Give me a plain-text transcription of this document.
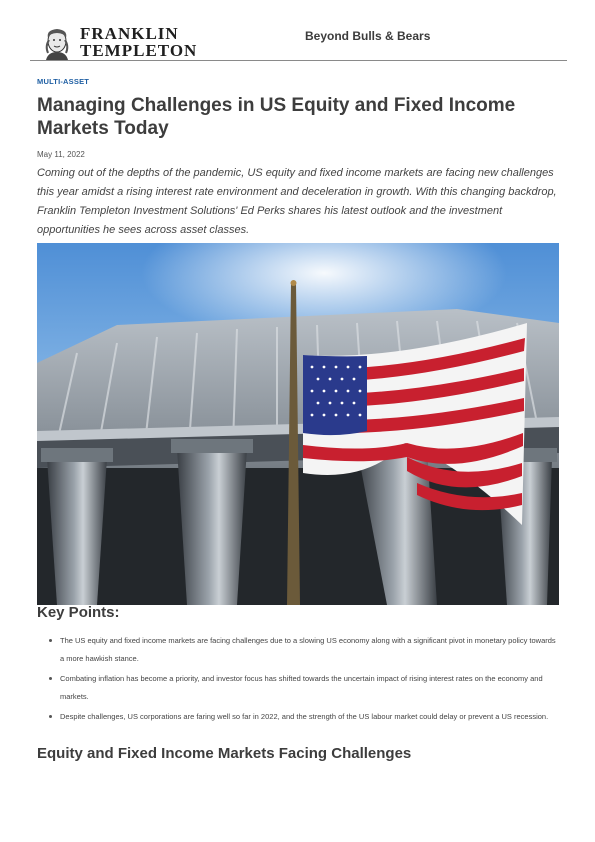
FRANKLIN
TEMPLETON
Beyond Bulls & Bears
MULTI-ASSET
Managing Challenges in US Equity and Fixed Income Markets Today
May 11, 2022

Coming out of the depths of the pandemic, US equity and fixed income markets are facing new challenges this year amidst a rising interest rate environment and deceleration in growth. With this changing backdrop, Franklin Templeton Investment Solutions' Ed Perks shares his latest outlook and the investment opportunities he sees across asset classes.

Key Points:
The US equity and fixed income markets are facing challenges due to a slowing US economy along with a significant pivot in monetary policy towards a more hawkish stance.
Combating inflation has become a priority, and investor focus has shifted towards the uncertain impact of rising interest rates on the economy and markets.
Despite challenges, US corporations are faring well so far in 2022, and the strength of the US labour market could delay or prevent a US recession.
Equity and Fixed Income Markets Facing Challenges
